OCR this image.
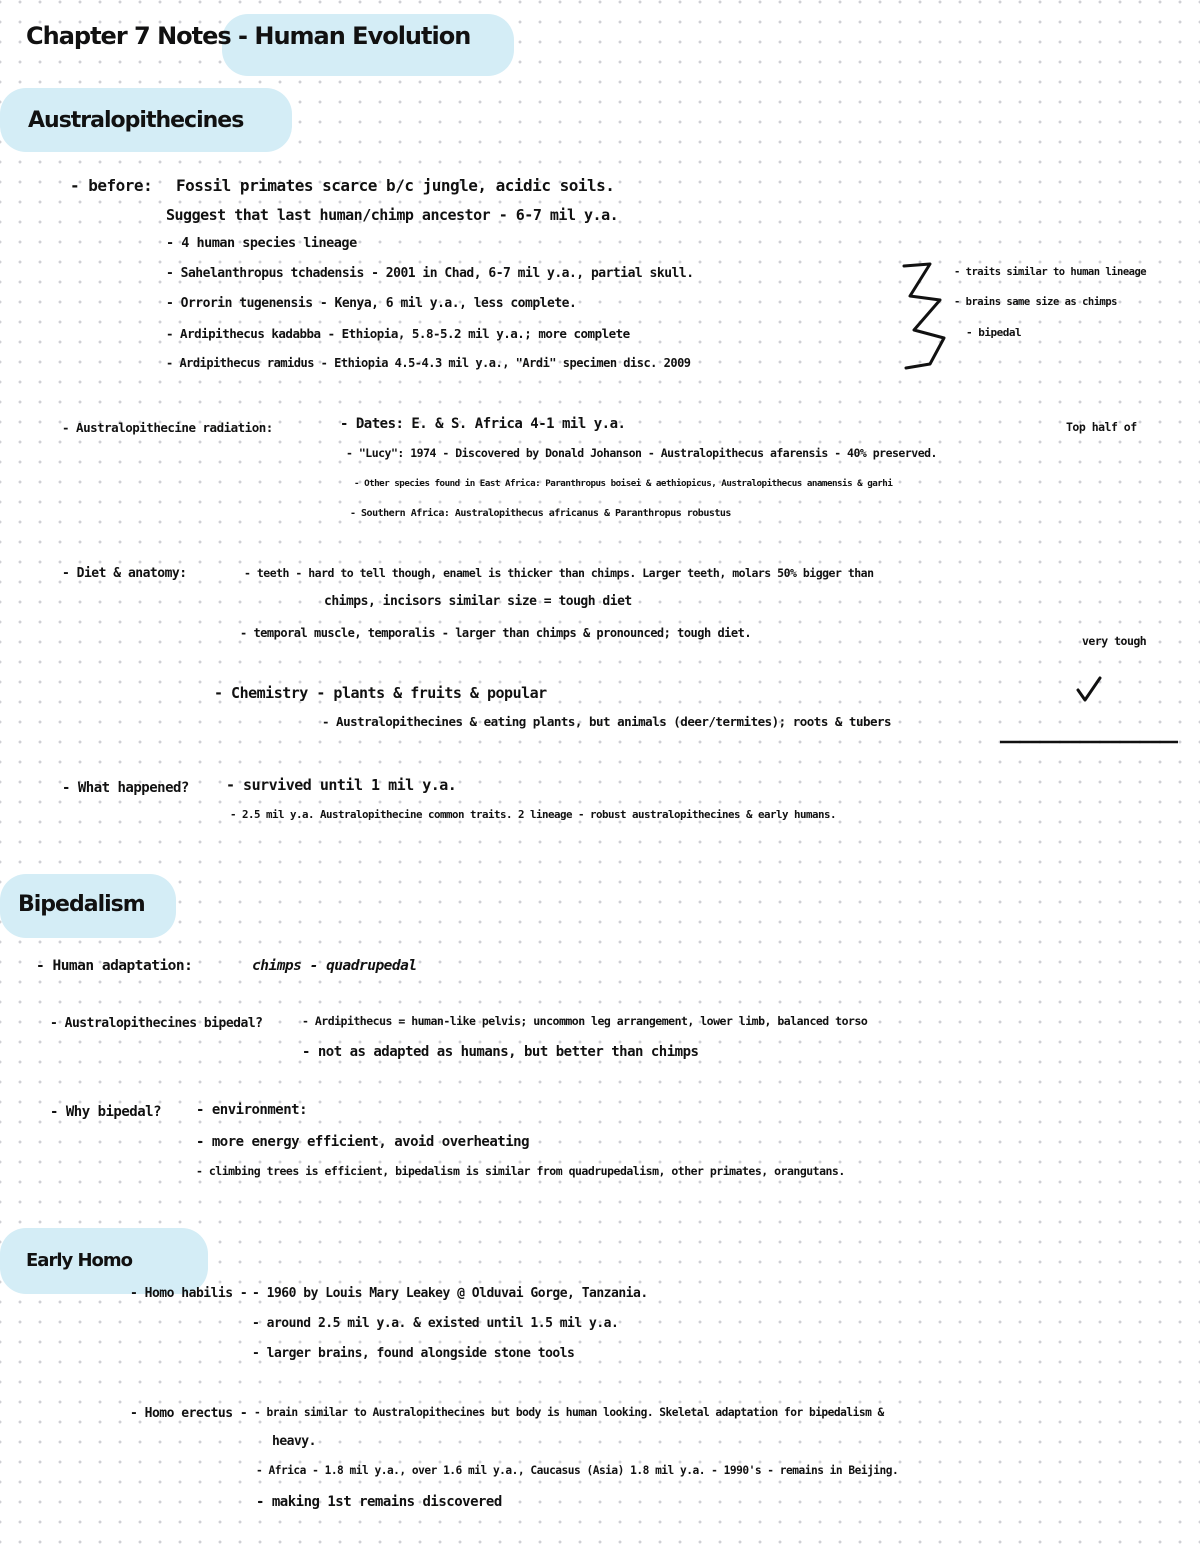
Chapter 7 Notes - Human Evolution
Australopithecines
- before: Fossil primates scarce b/c jungle, acidic soils.
Suggest that last human/chimp ancestor - 6-7 mil y.a.
- 4 human species lineage
- Sahelanthropus tchadensis - 2001 in Chad, 6-7 mil y.a., partial skull.
- Orrorin tugenensis - Kenya, 6 mil y.a., less complete.
- Ardipithecus kadabba - Ethiopia, 5.8-5.2 mil y.a.; more complete
- Ardipithecus ramidus - Ethiopia 4.5-4.3 mil y.a., "Ardi" specimen disc. 2009
- traits similar to human lineage
- brains same size as chimps
- bipedal
- Australopithecine radiation:	- Dates: E. & S. Africa 4-1 mil y.a.	Top half of
- "Lucy": 1974 - Discovered by Donald Johanson - Australopithecus afarensis - 40% preserved.
- Other species found in East Africa: Paranthropus boisei & aethiopicus, Australopithecus anamensis & garhi
- Southern Africa: Australopithecus africanus & Paranthropus robustus
- Diet & anatomy:	- teeth - hard to tell though, enamel is thicker than chimps. Larger teeth, molars 50% bigger than
chimps, incisors similar size = tough diet
- temporal muscle, temporalis - larger than chimps & pronounced; tough diet.
very tough
- Chemistry - plants & fruits & popular
- Australopithecines & eating plants, but animals (deer/termites); roots & tubers
- What happened? - survived until 1 mil y.a.
- 2.5 mil y.a. Australopithecine common traits. 2 lineage - robust australopithecines & early humans.
Bipedalism
- Human adaptation:	chimps - quadrupedal
- Australopithecines bipedal?	- Ardipithecus = human-like pelvis; uncommon leg arrangement, lower limb, balanced torso
- not as adapted as humans, but better than chimps
- Why bipedal? - environment:
- more energy efficient, avoid overheating
- climbing trees is efficient, bipedalism is similar from quadrupedalism, other primates, orangutans.
Early Homo
- Homo habilis - - 1960 by Louis Mary Leakey @ Olduvai Gorge, Tanzania.
- around 2.5 mil y.a. & existed until 1.5 mil y.a.
- larger brains, found alongside stone tools
- Homo erectus - - brain similar to Australopithecines but body is human looking. Skeletal adaptation for bipedalism &
heavy.
- Africa - 1.8 mil y.a., over 1.6 mil y.a., Caucasus (Asia) 1.8 mil y.a. - 1990's - remains in Beijing.
- making 1st remains discovered
